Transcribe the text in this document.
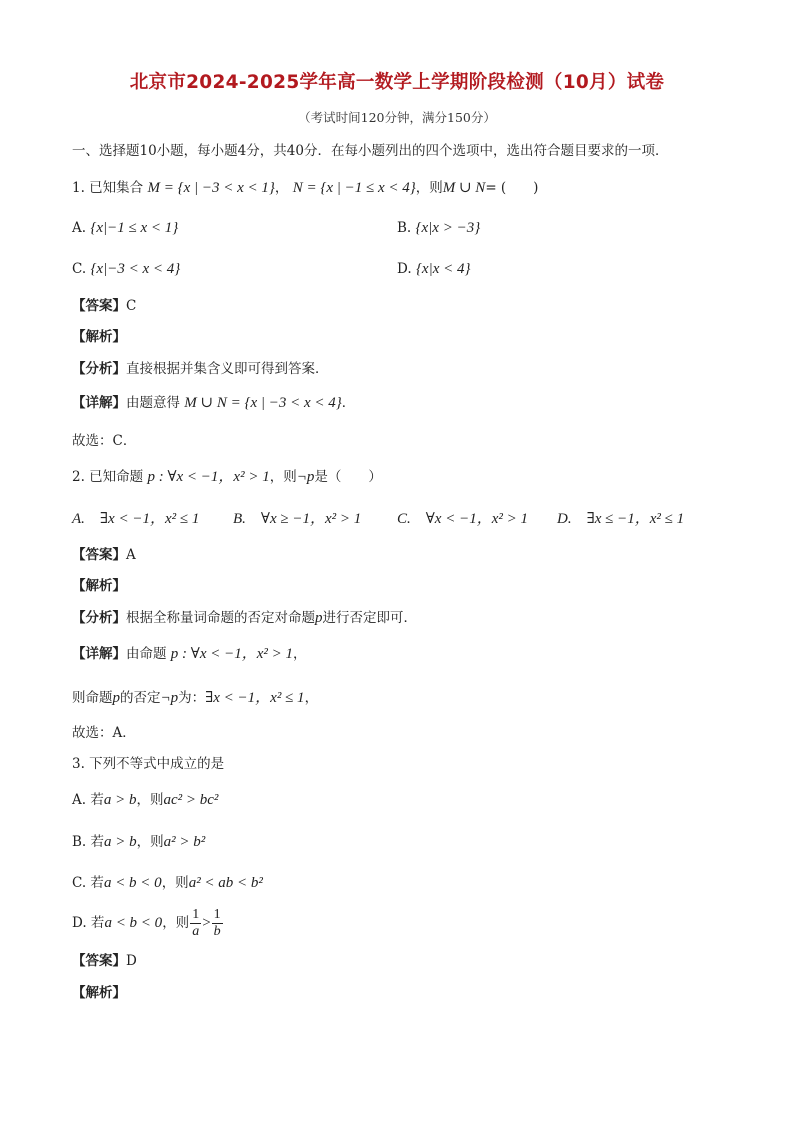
北京市2024-2025学年高一数学上学期阶段检测（10月）试卷
（考试时间120分钟，满分150分）
一、选择题10小题，每小题4分，共40分．在每小题列出的四个选项中，选出符合题目要求的一项．
1. 已知集合 M = {x | −3 < x < 1}， N = {x | −1 ≤ x < 4}，则M ∪ N= (　　)
A. {x|−1 ≤ x < 1}	B. {x|x > −3}
C. {x|−3 < x < 4}	D. {x|x < 4}
【答案】C
【解析】
【分析】直接根据并集含义即可得到答案．
【详解】由题意得 M ∪ N = {x | −3 < x < 4}．
故选：C．
2. 已知命题 p : ∀x < −1，x² > 1，则¬p是（　　）
A.　∃x < −1，x² ≤ 1 B.　∀x ≥ −1，x² > 1 C.　∀x < −1，x² > 1 D.　∃x ≤ −1，x² ≤ 1
【答案】A
【解析】
【分析】根据全称量词命题的否定对命题p进行否定即可．
【详解】由命题 p : ∀x < −1，x² > 1，
则命题p的否定¬p为：∃x < −1，x² ≤ 1，
故选：A．
3. 下列不等式中成立的是
A. 若a > b，则ac² > bc²
B. 若a > b，则a² > b²
C. 若a < b < 0，则a² < ab < b²
D. 若a < b < 0，则 $\frac{1}{a} > \frac{1}{b}$
【答案】D
【解析】
